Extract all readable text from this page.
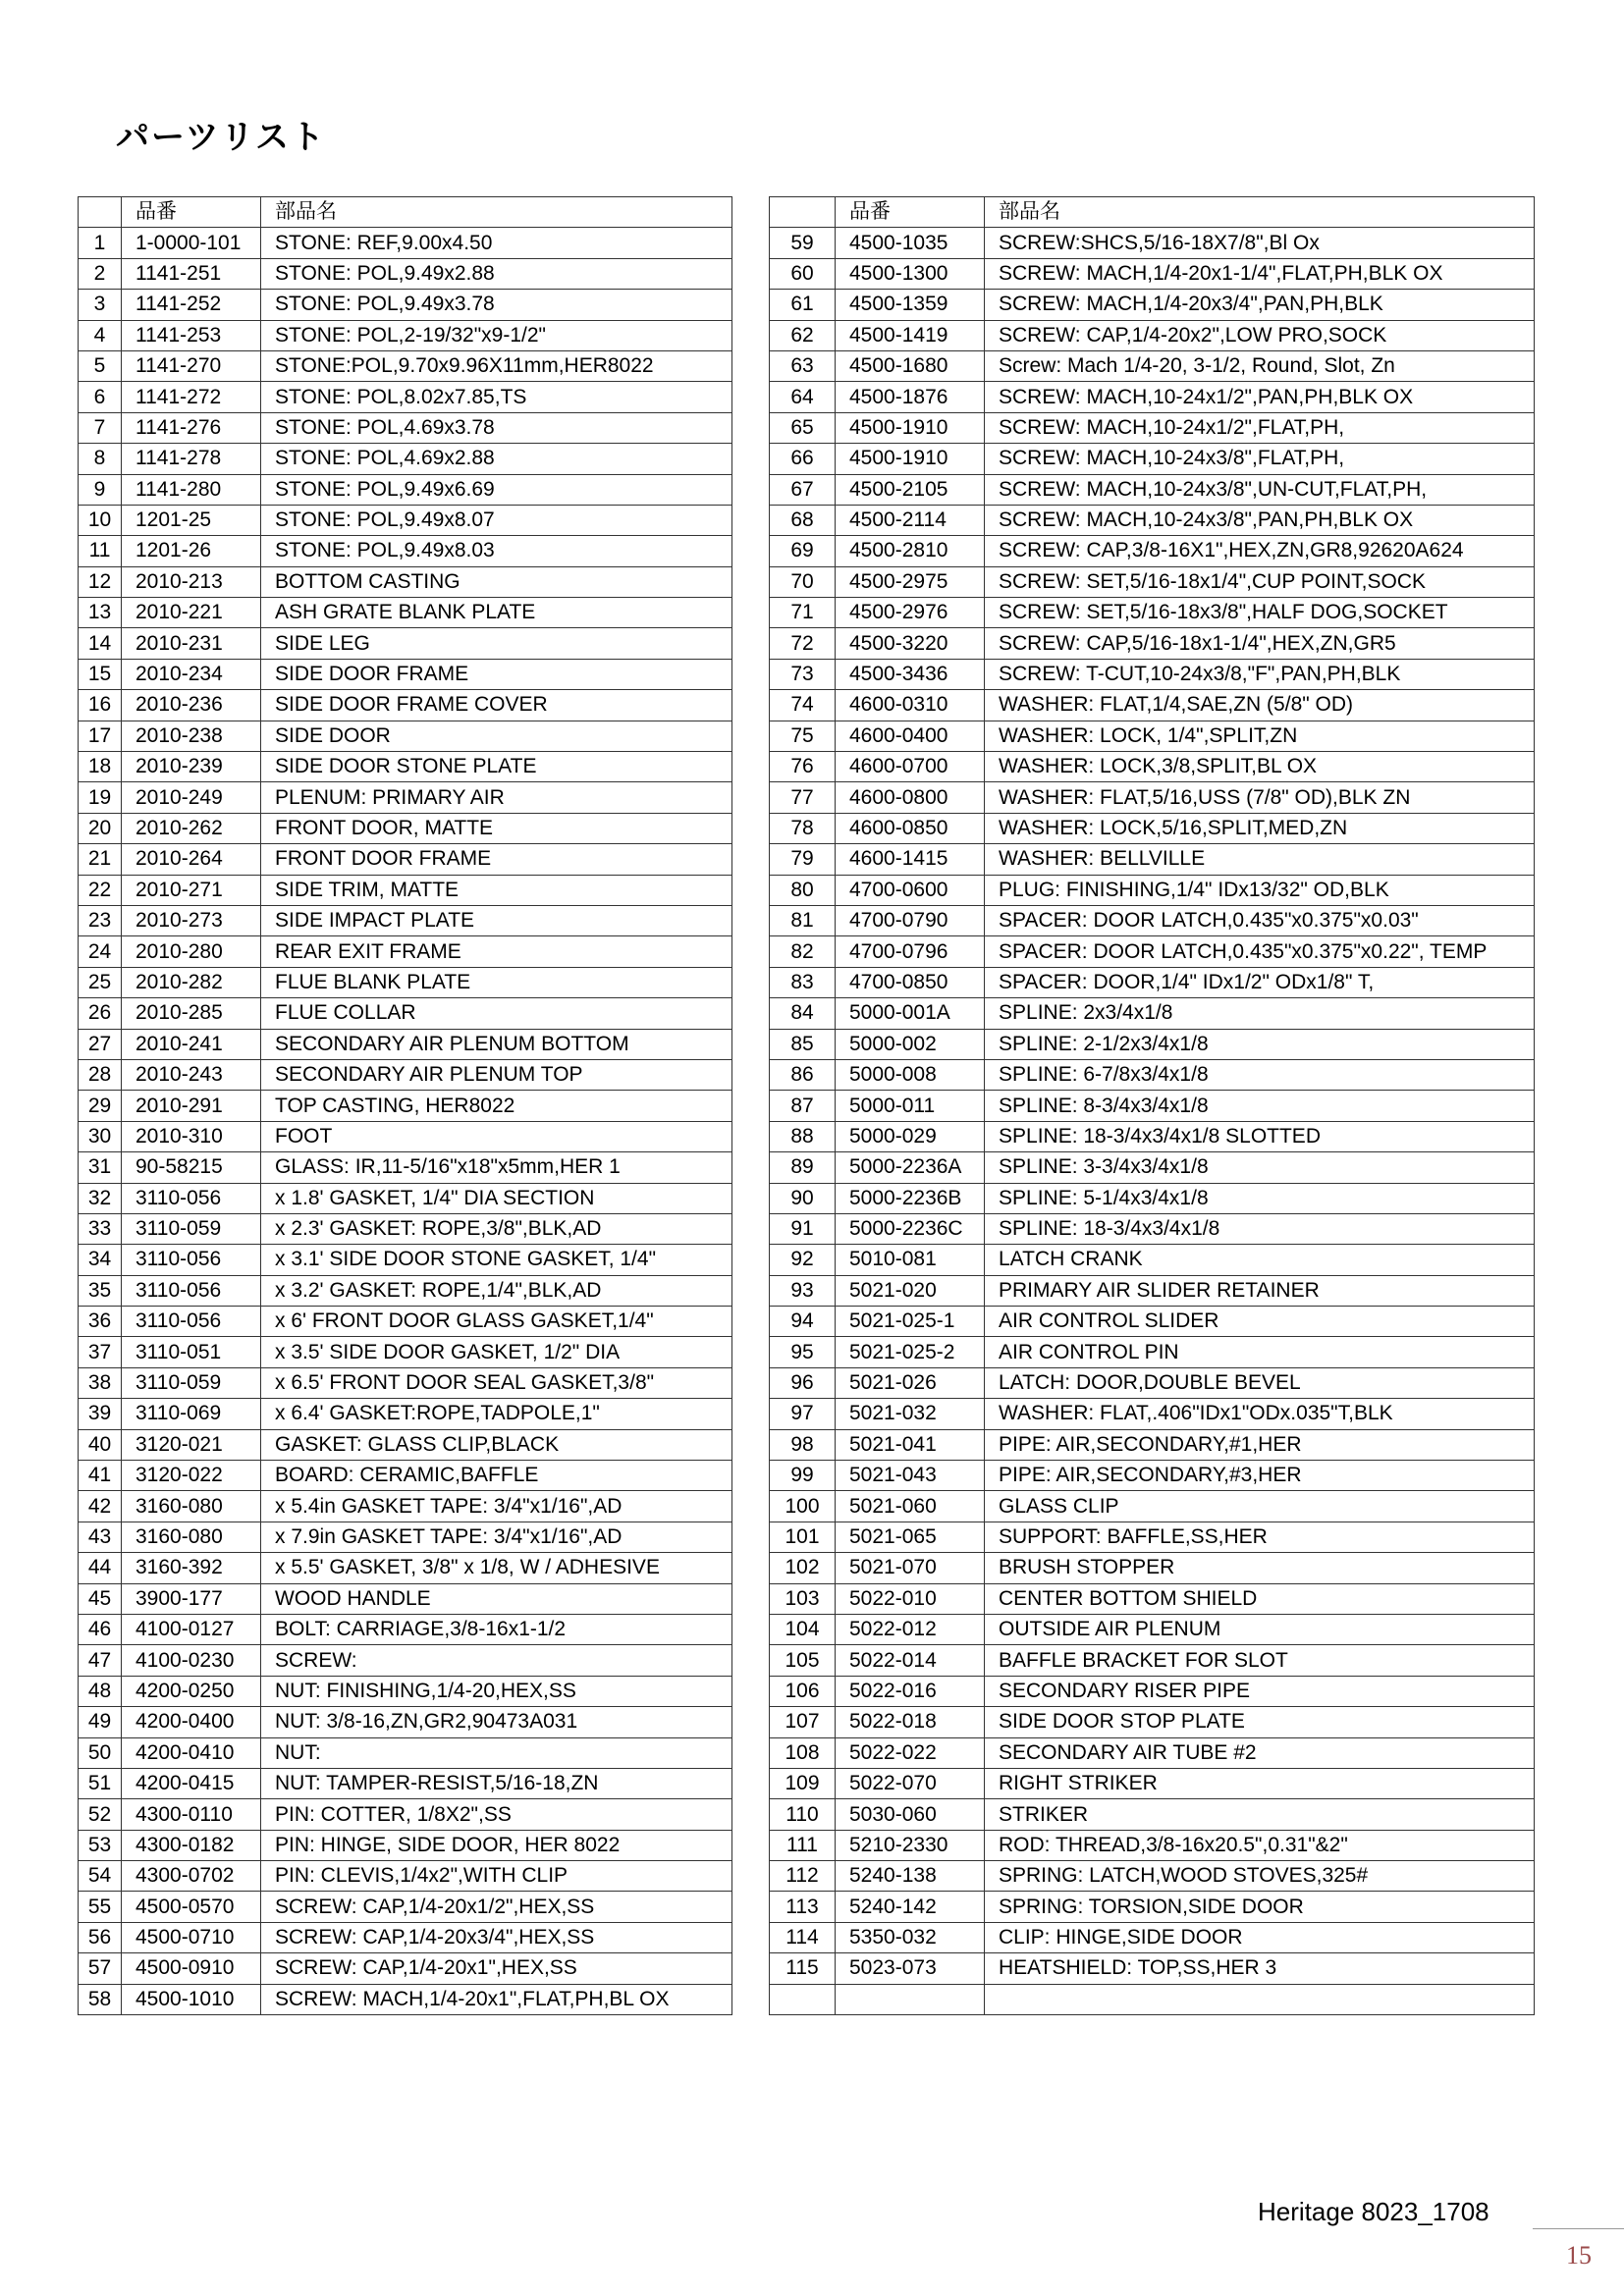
パーツリスト
	品番	部品名
1	1-0000-101	STONE: REF,9.00x4.50
2	1141-251	STONE: POL,9.49x2.88
3	1141-252	STONE: POL,9.49x3.78
4	1141-253	STONE: POL,2-19/32"x9-1/2"
5	1141-270	STONE:POL,9.70x9.96X11mm,HER8022
6	1141-272	STONE: POL,8.02x7.85,TS
7	1141-276	STONE: POL,4.69x3.78
8	1141-278	STONE: POL,4.69x2.88
9	1141-280	STONE: POL,9.49x6.69
10	1201-25	STONE: POL,9.49x8.07
11	1201-26	STONE: POL,9.49x8.03
12	2010-213	BOTTOM CASTING
13	2010-221	ASH GRATE BLANK PLATE
14	2010-231	SIDE LEG
15	2010-234	SIDE DOOR FRAME
16	2010-236	SIDE DOOR FRAME COVER
17	2010-238	SIDE DOOR
18	2010-239	SIDE DOOR STONE PLATE
19	2010-249	PLENUM: PRIMARY AIR
20	2010-262	FRONT DOOR, MATTE
21	2010-264	FRONT DOOR FRAME
22	2010-271	SIDE TRIM, MATTE
23	2010-273	SIDE IMPACT PLATE
24	2010-280	REAR EXIT FRAME
25	2010-282	FLUE BLANK PLATE
26	2010-285	FLUE COLLAR
27	2010-241	SECONDARY AIR PLENUM BOTTOM
28	2010-243	SECONDARY AIR PLENUM TOP
29	2010-291	TOP CASTING, HER8022
30	2010-310	FOOT
31	90-58215	GLASS: IR,11-5/16"x18"x5mm,HER 1
32	3110-056	x 1.8' GASKET, 1/4" DIA SECTION
33	3110-059	x 2.3' GASKET: ROPE,3/8",BLK,AD
34	3110-056	x 3.1' SIDE DOOR STONE GASKET, 1/4"
35	3110-056	x 3.2' GASKET: ROPE,1/4",BLK,AD
36	3110-056	x 6' FRONT DOOR GLASS GASKET,1/4"
37	3110-051	x 3.5' SIDE DOOR GASKET, 1/2" DIA
38	3110-059	x 6.5' FRONT DOOR SEAL GASKET,3/8"
39	3110-069	x 6.4' GASKET:ROPE,TADPOLE,1"
40	3120-021	GASKET: GLASS CLIP,BLACK
41	3120-022	BOARD: CERAMIC,BAFFLE
42	3160-080	x 5.4in GASKET TAPE: 3/4"x1/16",AD
43	3160-080	x 7.9in GASKET TAPE: 3/4"x1/16",AD
44	3160-392	x 5.5' GASKET, 3/8" x 1/8, W / ADHESIVE
45	3900-177	WOOD HANDLE
46	4100-0127	BOLT: CARRIAGE,3/8-16x1-1/2
47	4100-0230	SCREW:
48	4200-0250	NUT: FINISHING,1/4-20,HEX,SS
49	4200-0400	NUT: 3/8-16,ZN,GR2,90473A031
50	4200-0410	NUT:
51	4200-0415	NUT: TAMPER-RESIST,5/16-18,ZN
52	4300-0110	PIN: COTTER, 1/8X2",SS
53	4300-0182	PIN: HINGE, SIDE DOOR, HER 8022
54	4300-0702	PIN: CLEVIS,1/4x2",WITH CLIP
55	4500-0570	SCREW: CAP,1/4-20x1/2",HEX,SS
56	4500-0710	SCREW: CAP,1/4-20x3/4",HEX,SS
57	4500-0910	SCREW: CAP,1/4-20x1",HEX,SS
58	4500-1010	SCREW: MACH,1/4-20x1",FLAT,PH,BL OX
	品番	部品名
59	4500-1035	SCREW:SHCS,5/16-18X7/8",Bl Ox
60	4500-1300	SCREW: MACH,1/4-20x1-1/4",FLAT,PH,BLK OX
61	4500-1359	SCREW: MACH,1/4-20x3/4",PAN,PH,BLK
62	4500-1419	SCREW: CAP,1/4-20x2",LOW PRO,SOCK
63	4500-1680	Screw: Mach 1/4-20, 3-1/2, Round, Slot, Zn
64	4500-1876	SCREW: MACH,10-24x1/2",PAN,PH,BLK OX
65	4500-1910	SCREW: MACH,10-24x1/2",FLAT,PH,
66	4500-1910	SCREW: MACH,10-24x3/8",FLAT,PH,
67	4500-2105	SCREW: MACH,10-24x3/8",UN-CUT,FLAT,PH,
68	4500-2114	SCREW: MACH,10-24x3/8",PAN,PH,BLK OX
69	4500-2810	SCREW: CAP,3/8-16X1",HEX,ZN,GR8,92620A624
70	4500-2975	SCREW: SET,5/16-18x1/4",CUP POINT,SOCK
71	4500-2976	SCREW: SET,5/16-18x3/8",HALF DOG,SOCKET
72	4500-3220	SCREW: CAP,5/16-18x1-1/4",HEX,ZN,GR5
73	4500-3436	SCREW: T-CUT,10-24x3/8,"F",PAN,PH,BLK
74	4600-0310	WASHER: FLAT,1/4,SAE,ZN (5/8" OD)
75	4600-0400	WASHER: LOCK, 1/4",SPLIT,ZN
76	4600-0700	WASHER: LOCK,3/8,SPLIT,BL OX
77	4600-0800	WASHER: FLAT,5/16,USS (7/8" OD),BLK ZN
78	4600-0850	WASHER: LOCK,5/16,SPLIT,MED,ZN
79	4600-1415	WASHER: BELLVILLE
80	4700-0600	PLUG: FINISHING,1/4" IDx13/32" OD,BLK
81	4700-0790	SPACER: DOOR LATCH,0.435"x0.375"x0.03"
82	4700-0796	SPACER: DOOR LATCH,0.435"x0.375"x0.22", TEMP
83	4700-0850	SPACER: DOOR,1/4" IDx1/2" ODx1/8" T,
84	5000-001A	SPLINE: 2x3/4x1/8
85	5000-002	SPLINE: 2-1/2x3/4x1/8
86	5000-008	SPLINE: 6-7/8x3/4x1/8
87	5000-011	SPLINE: 8-3/4x3/4x1/8
88	5000-029	SPLINE: 18-3/4x3/4x1/8 SLOTTED
89	5000-2236A	SPLINE: 3-3/4x3/4x1/8
90	5000-2236B	SPLINE: 5-1/4x3/4x1/8
91	5000-2236C	SPLINE: 18-3/4x3/4x1/8
92	5010-081	LATCH CRANK
93	5021-020	PRIMARY AIR SLIDER RETAINER
94	5021-025-1	AIR CONTROL SLIDER
95	5021-025-2	AIR CONTROL PIN
96	5021-026	LATCH: DOOR,DOUBLE BEVEL
97	5021-032	WASHER: FLAT,.406"IDx1"ODx.035"T,BLK
98	5021-041	PIPE: AIR,SECONDARY,#1,HER
99	5021-043	PIPE: AIR,SECONDARY,#3,HER
100	5021-060	GLASS CLIP
101	5021-065	SUPPORT: BAFFLE,SS,HER
102	5021-070	BRUSH STOPPER
103	5022-010	CENTER BOTTOM SHIELD
104	5022-012	OUTSIDE AIR PLENUM
105	5022-014	BAFFLE BRACKET FOR SLOT
106	5022-016	SECONDARY RISER PIPE
107	5022-018	SIDE DOOR STOP PLATE
108	5022-022	SECONDARY AIR TUBE #2
109	5022-070	RIGHT STRIKER
110	5030-060	STRIKER
111	5210-2330	ROD: THREAD,3/8-16x20.5",0.31"&2"
112	5240-138	SPRING: LATCH,WOOD STOVES,325#
113	5240-142	SPRING: TORSION,SIDE DOOR
114	5350-032	CLIP: HINGE,SIDE DOOR
115	5023-073	HEATSHIELD: TOP,SS,HER 3

Heritage 8023_1708
15
